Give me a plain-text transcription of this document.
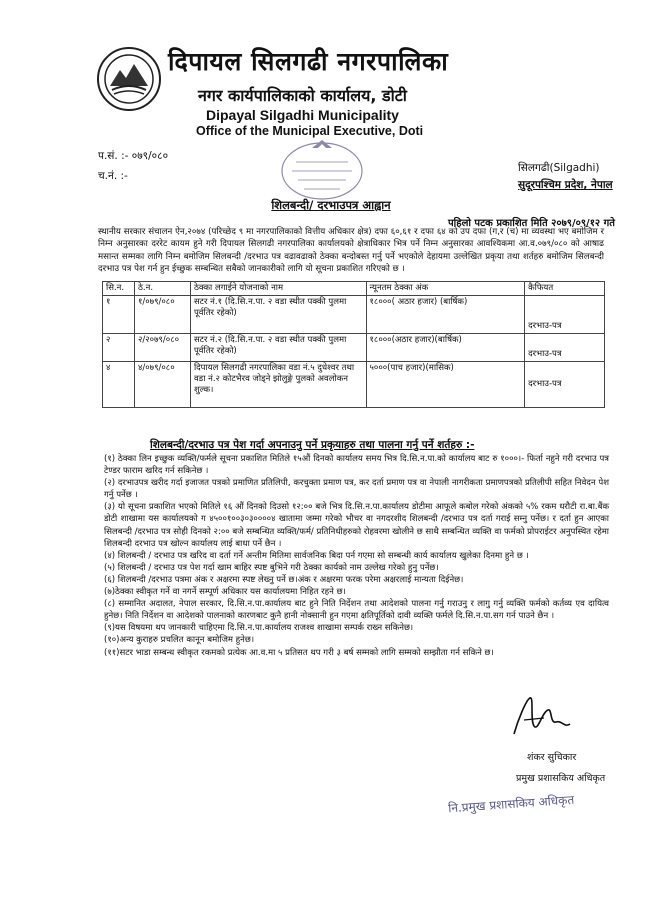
दिपायल सिलगढी नगरपालिका
नगर कार्यपालिकाको कार्यालय, डोटी
Dipayal Silgadhi Municipality
Office of the Municipal Executive, Doti
प.सं. :- ०७९/०८०
च.नं. :-
सिलगढी(Silgadhi)
सुदूरपश्चिम प्रदेश, नेपाल
शिलबन्दी/ दरभाउपत्र आह्वान
पहिलो पटक प्रकाशित मिति २०७९/०९/१२ गते
स्थानीय सरकार संचालन ऐन,२०७४ (परिच्छेद ९ मा नगरपालिकाको वित्तीय अधिकार क्षेत्र) दफा ६०,६१ र दफा ६४ को उप दफा (ग,र (च) मा व्यवस्था भए बमोजिम र निम्न अनुसारका दररेट कायम हुने गरी दिपायल सिलगढी नगरपालिका कार्यालयको क्षेत्राधिकार भित्र पर्ने निम्न अनुसारका आवश्यिकमा आ.व.०७९/०८० को आषाढ मसान्त सम्मका लागि निम्न बमोजिम सिलबन्दी /दरभाउ पत्र वढावढाको ठेक्का बन्दोबस्त गर्नु पर्ने भएकोले देहायमा उल्लेखित प्रकृया तथा शर्तहरु बमोजिम सिलबन्दी दरभाउ पत्र पेश गर्न हुन ईच्छुक सम्बन्धित सबैको जानकारीको लागि यो सूचना प्रकाशित गरिएको छ ।
सि.न.	ठे.न.	ठेक्का लगाईने योजनाको नाम	न्यूनतम ठेक्का अंक	कैफियत
१	१/०७९/०८०	सटर नं.१ (दि.सि.न.पा. २ वडा स्थीत पक्की पुलमा पूर्वतिर रहेको)	१८०००( अठार हजार) (बार्षिक)	दरभाउ-पत्र
२	२/२०७९/०८०	सटर नं.२ (दि.सि.न.पा. २ वडा स्थीत पक्की पुलमा पूर्वतिर रहेको)	१८०००(अठार हजार)(बार्षिक)	दरभाउ-पत्र
४	४/०७९/०८०	दिपायल सिलगढी नगरपालिका वडा नं.५ दुधेश्वर तथा वडा नं.२ कोटभैरव जोड्ने झोलुङ्गे पुलको अवलोकन शुल्क।	५०००(पाच हजार)(मासिक)	दरभाउ-पत्र
शिलबन्दी/दरभाउ पत्र पेश गर्दा अपनाउनु पर्ने प्रकृयाहरु तथा पालना गर्नु पर्ने शर्तहरु :-

(१) ठेक्का लिन इच्छुक व्यक्ति/फर्मले सूचना प्रकाशित मितिले १५औं दिनको कार्यालय समय भित्र दि.सि.न.पा.को कार्यालय बाट रु १०००।- फिर्ता नहुने गरी दरभाउ पत्र टेण्डर फाराम खरिद गर्न सकिनेछ ।

(२) दरभाउपत्र खरीद गर्दा इजाजत पत्रको प्रमाणित प्रतिलिपी, करचुक्ता प्रमाण पत्र, कर दर्ता प्रमाण पत्र वा नेपाली नागरीकता प्रमाणपत्रको प्रतिलीपी सहित निवेदन पेश गर्नु पर्नेछ ।

(३) यो सूचना प्रकाशित भएको मितिले १६ औं दिनको दिउसो १२:०० बजे भित्र दि.सि.न.पा.कार्यालय डोटीमा आफूले कबोल गरेको अंकको ५% रकम धरौटी रा.बा.बैंक डोटी शाखामा यस कार्यालयको ग ४५००१००३०३००००४ खातामा जम्मा गरेको भौचर वा नगदरशीद शिलबन्दी /दरभाउ पत्र दर्ता गराई सम्नु पर्नेछ। र दर्ता हुन आएका सिलबन्दी /दरभाउ पत्र सोही दिनको २:०० बजे सम्बन्धित व्यक्ति/फर्म/ प्रतिनिधीहरुको रोहवरमा खोलीने छ साथै सम्बन्धित व्यक्ति वा फर्मको प्रोपराईटर अनुपस्थित रहेमा शिलबन्दी दरभाउ पत्र खोल्न कार्यालय लाई बाधा पर्ने छैन ।

(४) शिलबन्दी / दरभाउ पत्र खरिद वा दर्ता गर्ने अन्तीम मितिमा सार्वजनिक बिदा पर्न गएमा सो सम्बन्धी कार्य कार्यालय खुलेका दिनमा हुने छ ।

(५) शिलबन्दी / दरभाउ पत्र पेश गर्दा खाम बाहिर स्पष्ट बुभिने गरी ठेक्का कार्यको नाम उल्लेख गरेको हुनु पर्नेछ।

(६) शिलबन्दी /दरभाउ पत्रमा अंक र अक्षरमा स्पष्ट लेख्नु पर्ने छ।अंक र अक्षरमा फरक परेमा अक्षरलाई मान्यता दिईनेछ।

(७)ठेक्का स्वीकृत गर्ने वा नगर्ने सम्पूर्ण अधिकार यस कार्यालयमा निहित रहने छ।

(८) सम्मानित अदालत, नेपाल सरकार, दि.सि.न.पा.कार्यालय बाट हुने निति निर्देशन तथा आदेशको पालना गर्नु गराउनु र लागु गर्नु व्यक्ति फर्मको कर्तव्य एव दायित्व हुनेछ। निति निर्देशन वा आदेशको पालनाको कारणबाट कुनै हानी नोक्सानी हुन गएमा क्षतिपूर्तिको दावी व्यक्ति फर्मले दि.सि.न.पा.सग गर्न पाउने छैन ।

(९)यस विषयमा थप जानकारी चाहिएमा दि.सि.न.पा.कार्यालय राजश्व शाखामा सम्पर्क राख्न सकिनेछ।

(१०)अन्य कुराहरु प्रचलित कानून बमोजिम हुनेछ।

(११)सटर भाडा सम्बन्ध स्वीकृत रकमको प्रत्येक आ.व.मा ५ प्रतिसत थप गरी ३ बर्ष सम्मको लागि सम्मको सम्झौता गर्न सकिने छ।

शंकर सुचिकार
प्रमुख प्रशासकिय अधिकृत
नि.प्रमुख प्रशासकिय अधिकृत
